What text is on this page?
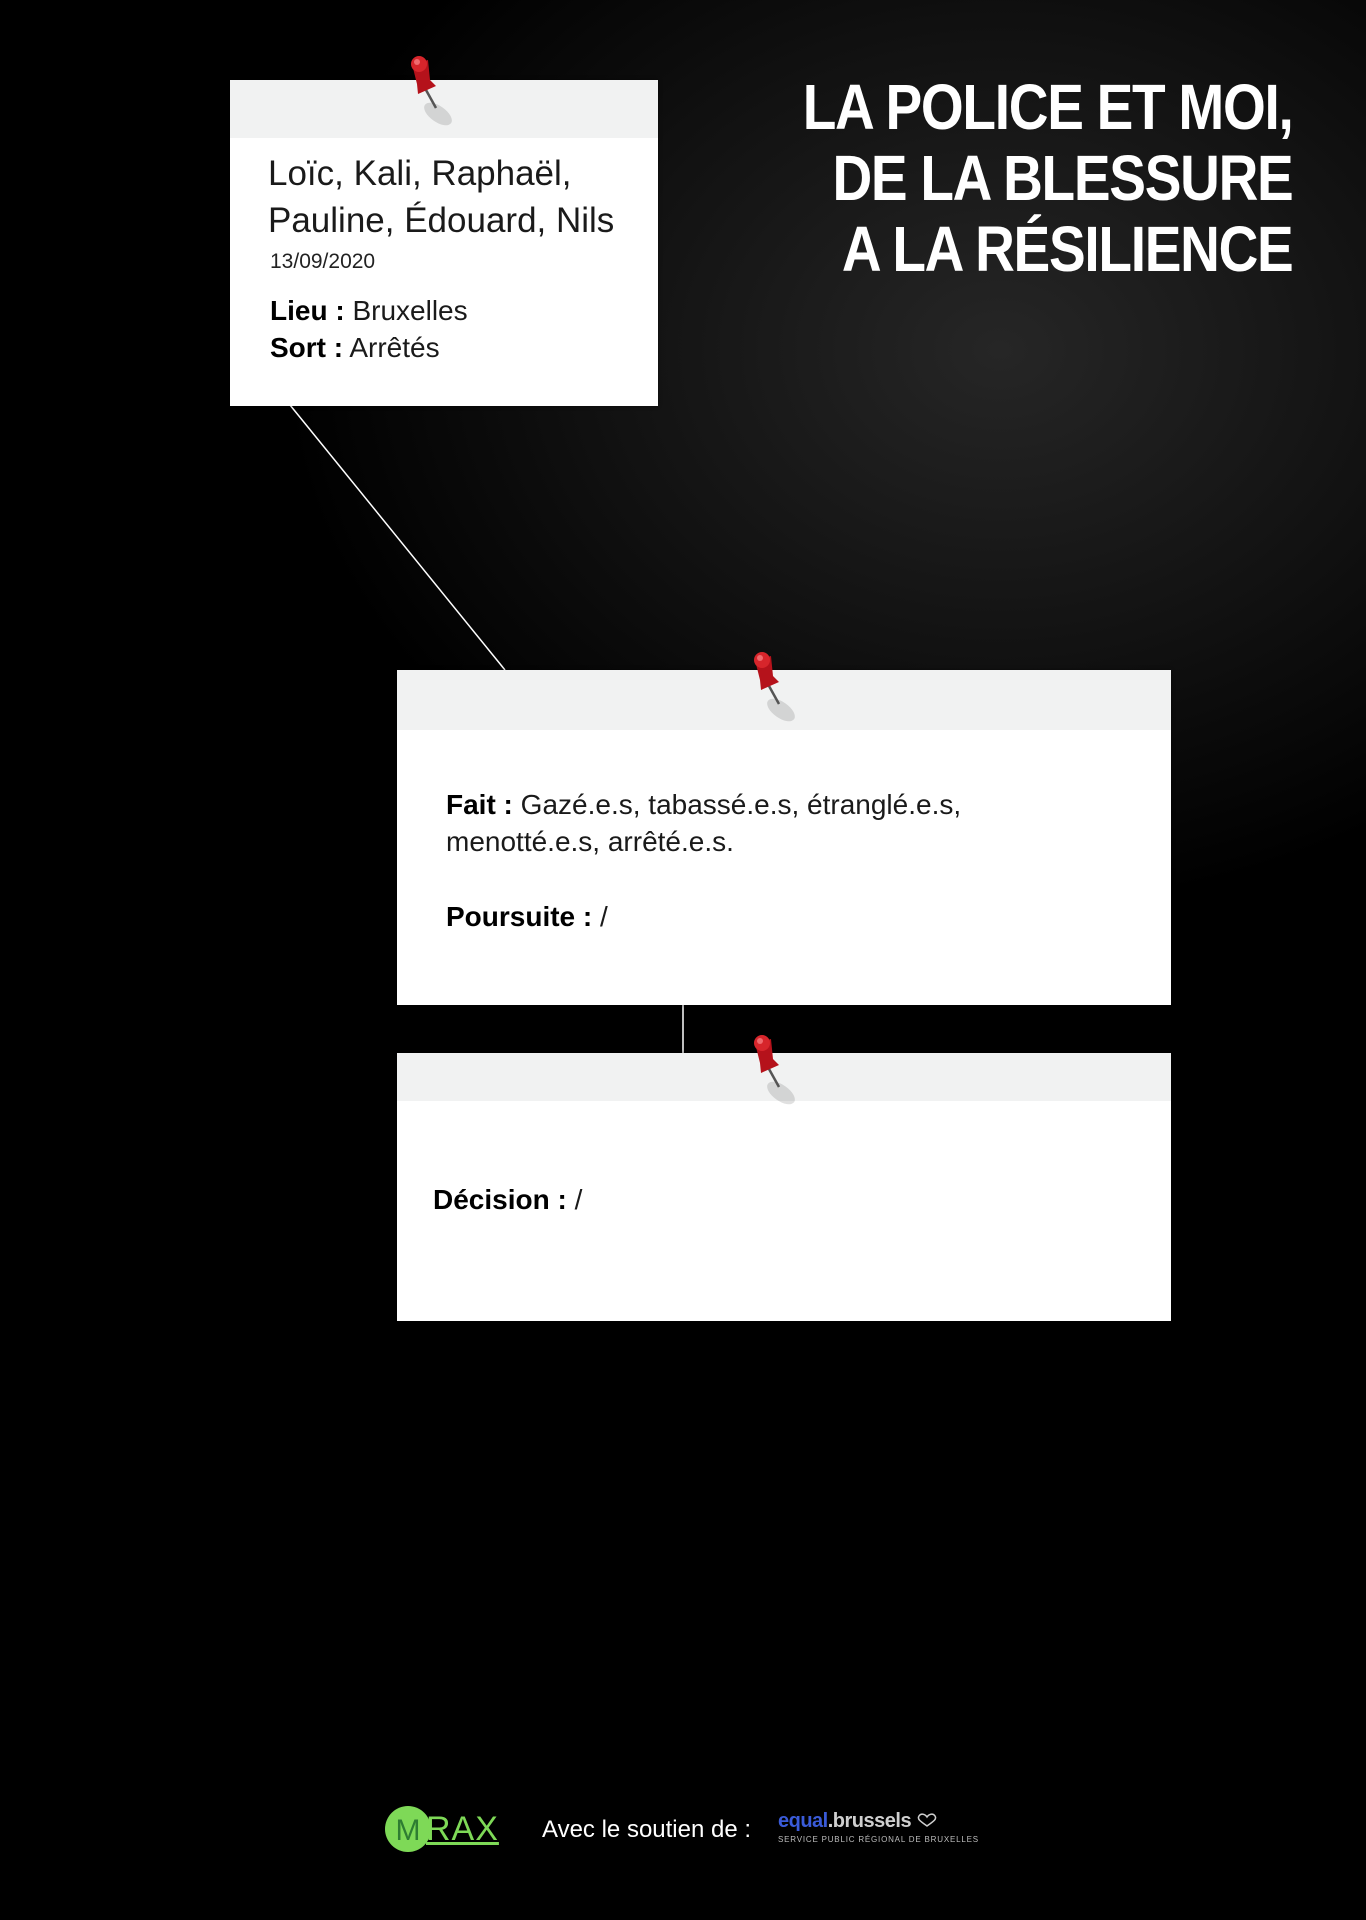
LA POLICE ET MOI,
DE LA BLESSURE
A LA RÉSILIENCE
Loïc, Kali, Raphaël,
Pauline, Édouard, Nils
13/09/2020
Lieu : Bruxelles
Sort : Arrêtés
Fait : Gazé.e.s, tabassé.e.s, étranglé.e.s, menotté.e.s, arrêté.e.s.
Poursuite : /
Décision : /
M RAX Avec le soutien de : equal.brussels
SERVICE PUBLIC RÉGIONAL DE BRUXELLES
